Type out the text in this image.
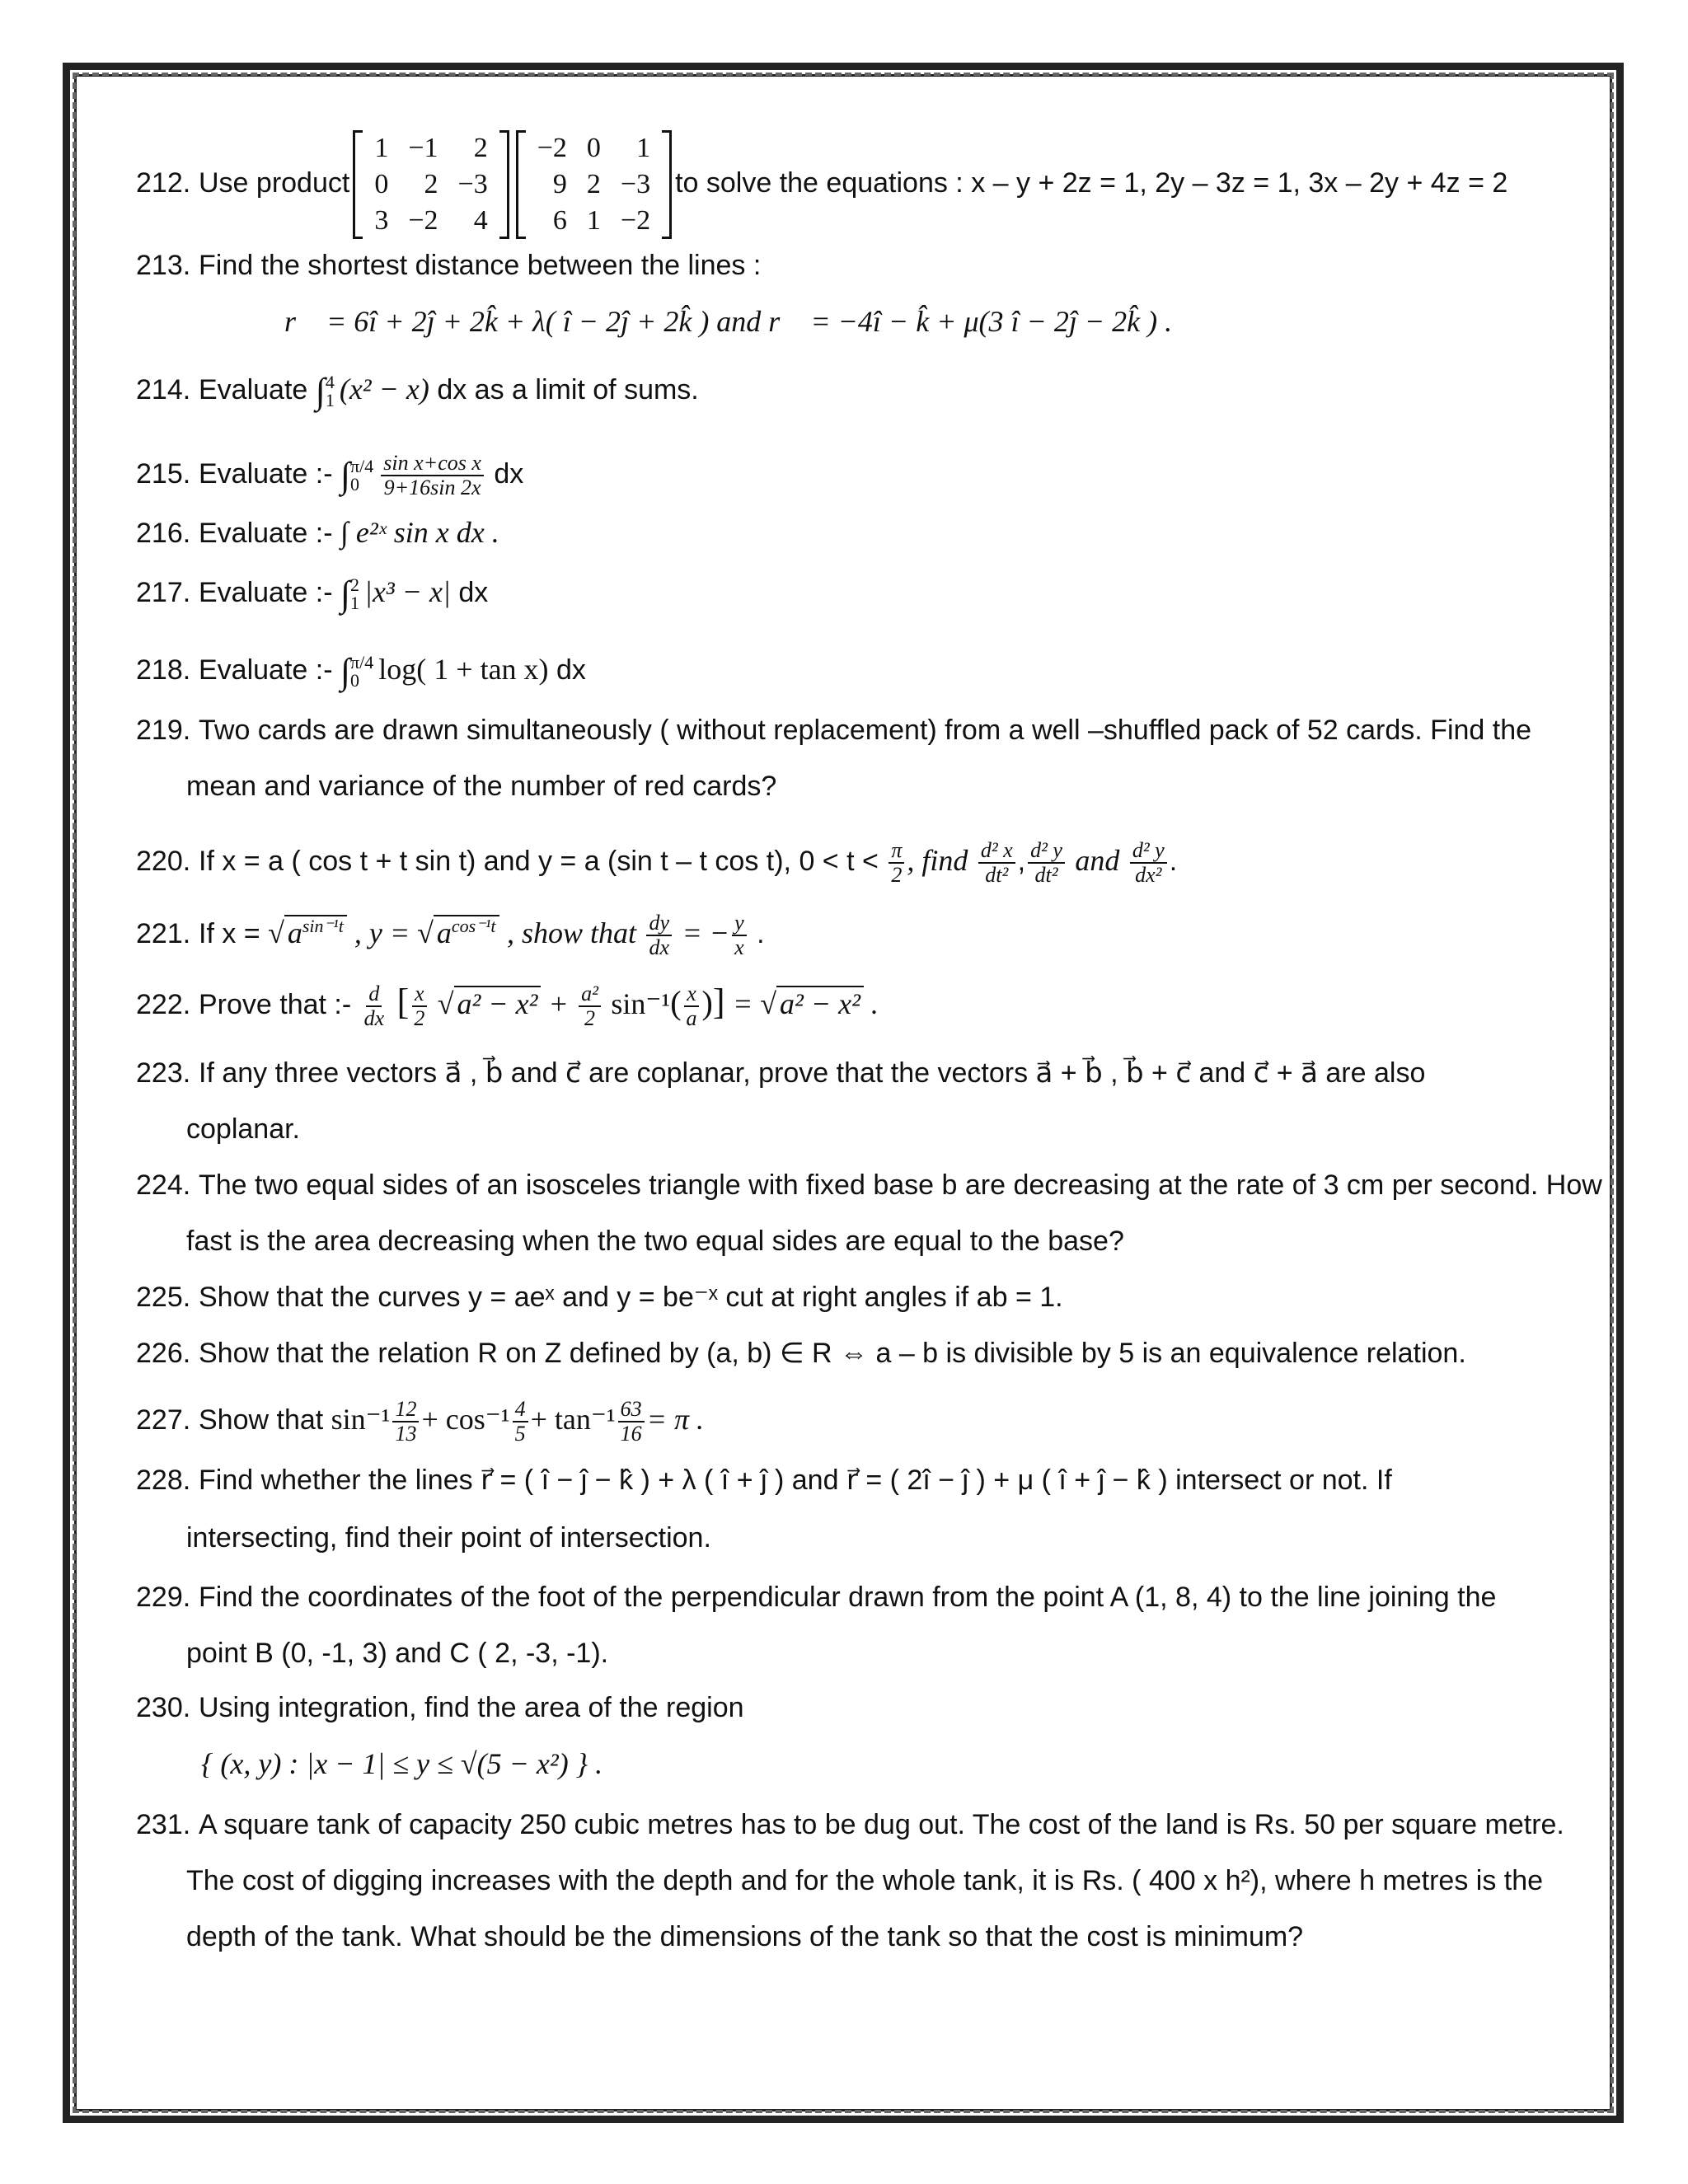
212. Use product
1	−1	2
0	2	−3
3	−2	4
−2	0	1
9	2	−3
6	1	−2
to solve the equations : x – y + 2z = 1, 2y – 3z = 1, 3x – 2y + 4z = 2
213. Find the shortest distance between the lines :
r⃗ = 6î + 2ĵ + 2k̂ + λ( î − 2ĵ + 2k̂ ) and r⃗ = −4î − k̂ + μ(3 î − 2ĵ − 2k̂ ) .
214. Evaluate ∫ 4
1 (x² − x) dx as a limit of sums.
215. Evaluate :- ∫ π/4
0	$\frac{\text{sin x+cos x}}{9+16\sin 2x}$ dx
216. Evaluate :- ∫ e²ˣ sin x dx .
217. Evaluate :- ∫ 2
1 |x³ − x| dx
218. Evaluate :- ∫ π/4
0 log( 1 + tan x) dx
219. Two cards are drawn simultaneously ( without replacement) from a well –shuffled pack of 52 cards. Find the
mean and variance of the number of red cards?
220. If x = a ( cos t + t sin t) and y = a (sin t – t cos t), $0 < t < \frac{\pi}{2}$ , find $\frac{\text{d² x}}{\text{dt²}}$ , $\frac{\text{d² y}}{\text{dt²}}$ and $\frac{\text{d² y}}{\text{dx²}}$ .
221. If x = √ $a^{sin^{-1}t}$ , y = √ $a^{cos^{-1}t}$ , show that $\frac{dy}{dx}$ = − $\frac{y}{x}$ .
222. Prove that :- $\frac{d}{dx}$ [ $\frac{x}{2}$ √ $a^2 - x^2 + \frac{\text{a²}}{2} \sin^{-1}( \frac{x}{a}$ )] = √ a² − x² .
223. If any three vectors a⃗ , b⃗ and c⃗ are coplanar, prove that the vectors a⃗ + b⃗ , b⃗ + c⃗ and c⃗ + a⃗ are also
coplanar.
224. The two equal sides of an isosceles triangle with fixed base b are decreasing at the rate of 3 cm per second. How
fast is the area decreasing when the two equal sides are equal to the base?
225. Show that the curves y = aeˣ and y = be⁻ˣ cut at right angles if ab = 1.
226. Show that the relation R on Z defined by (a, b) ∈ R ⇔ a – b is divisible by 5 is an equivalence relation.
227. Show that $\sin^{-1} \frac{12}{13} + \cos^{-1} \frac{4}{5} + \tan^{-1} \frac{63}{16} = \pi$ .
228. Find whether the lines r⃗ = ( î − ĵ − k̂ ) + λ ( î + ĵ ) and r⃗ = ( 2î − ĵ ) + μ ( î + ĵ − k̂ ) intersect or not. If
intersecting, find their point of intersection.
229. Find the coordinates of the foot of the perpendicular drawn from the point A (1, 8, 4) to the line joining the
point B (0, -1, 3) and C ( 2, -3, -1).
230. Using integration, find the area of the region
{ (x, y) : |x − 1| ≤ y ≤ √(5 − x²) } .
231. A square tank of capacity 250 cubic metres has to be dug out. The cost of the land is Rs. 50 per square metre.
The cost of digging increases with the depth and for the whole tank, it is Rs. ( 400 x h²), where h metres is the
depth of the tank. What should be the dimensions of the tank so that the cost is minimum?
